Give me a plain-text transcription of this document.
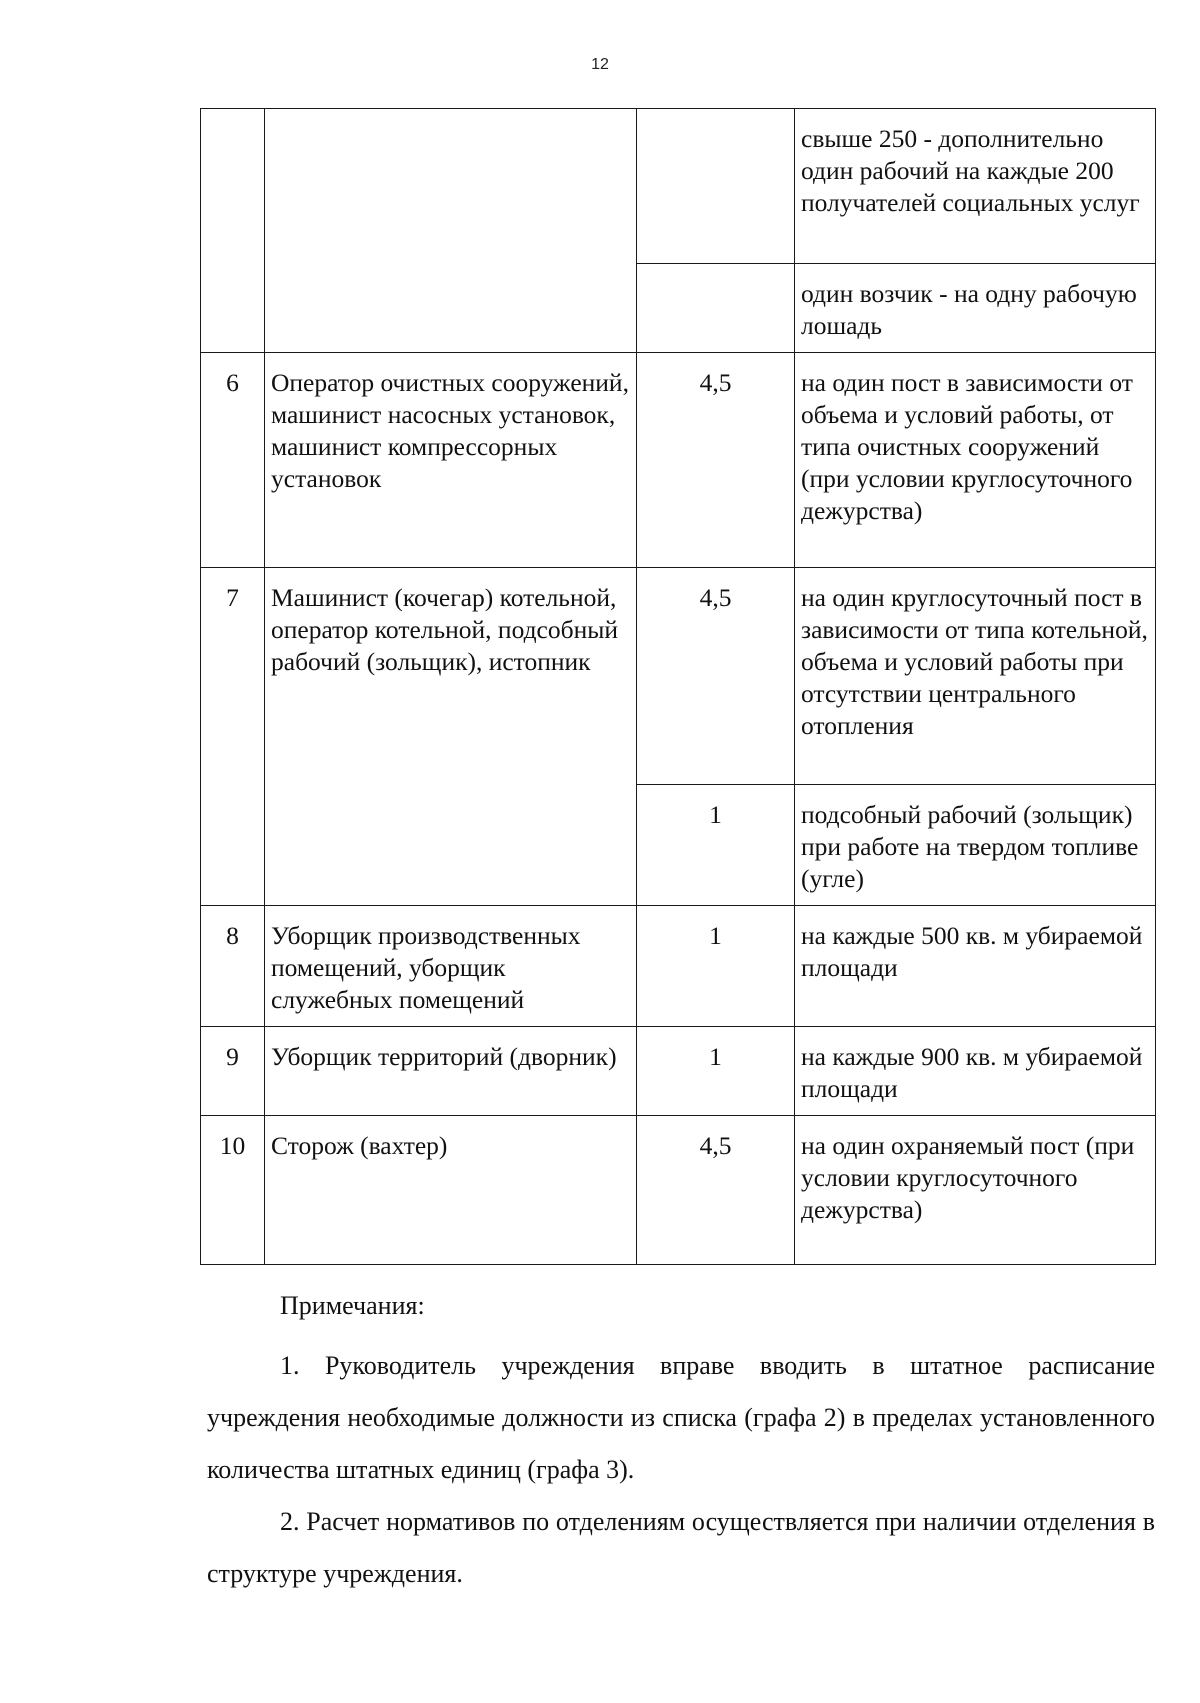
12
			свыше 250 - дополнительно один рабочий на каждые 200 получателей социальных услуг
			один возчик - на одну рабочую лошадь
6	Оператор очистных сооружений, машинист насосных установок, машинист компрессорных установок	4,5	на один пост в зависимости от объема и условий работы, от типа очистных сооружений (при условии круглосуточного дежурства)
7	Машинист (кочегар) котельной, оператор котельной, подсобный рабочий (зольщик), истопник	4,5	на один круглосуточный пост в зависимости от типа котельной, объема и условий работы при отсутствии центрального отопления
		1	подсобный рабочий (зольщик) при работе на твердом топливе (угле)
8	Уборщик производственных помещений, уборщик служебных помещений	1	на каждые 500 кв. м убираемой площади
9	Уборщик территорий (дворник)	1	на каждые 900 кв. м убираемой площади
10	Сторож (вахтер)	4,5	на один охраняемый пост (при условии круглосуточного дежурства)

Примечания:

1. Руководитель учреждения вправе вводить в штатное расписание учреждения необходимые должности из списка (графа 2) в пределах установленного количества штатных единиц (графа 3).

2. Расчет нормативов по отделениям осуществляется при наличии отделения в структуре учреждения.
